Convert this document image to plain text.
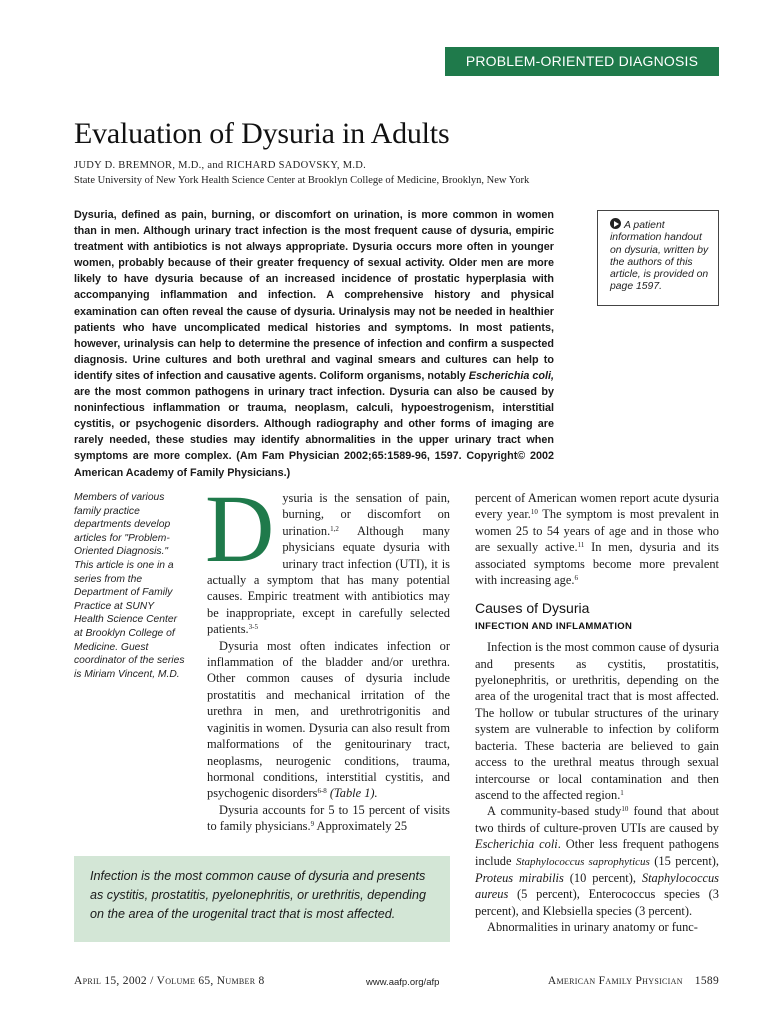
PROBLEM-ORIENTED DIAGNOSIS
Evaluation of Dysuria in Adults
JUDY D. BREMNOR, M.D., and RICHARD SADOVSKY, M.D.
State University of New York Health Science Center at Brooklyn College of Medicine, Brooklyn, New York
Dysuria, defined as pain, burning, or discomfort on urination, is more common in women than in men. Although urinary tract infection is the most frequent cause of dysuria, empiric treatment with antibiotics is not always appropriate. Dysuria occurs more often in younger women, probably because of their greater frequency of sexual activity. Older men are more likely to have dysuria because of an increased incidence of prostatic hyperplasia with accompanying inflammation and infection. A comprehensive history and physical examination can often reveal the cause of dysuria. Urinalysis may not be needed in healthier patients who have uncomplicated medical histories and symptoms. In most patients, however, urinalysis can help to determine the presence of infection and confirm a suspected diagnosis. Urine cultures and both urethral and vaginal smears and cultures can help to identify sites of infection and causative agents. Coliform organisms, notably Escherichia coli, are the most common pathogens in urinary tract infection. Dysuria can also be caused by noninfectious inflammation or trauma, neoplasm, calculi, hypoestrogenism, interstitial cystitis, or psychogenic disorders. Although radiography and other forms of imaging are rarely needed, these studies may identify abnormalities in the upper urinary tract when symptoms are more complex. (Am Fam Physician 2002;65:1589-96, 1597. Copyright© 2002 American Academy of Family Physicians.)
A patient information handout on dysuria, written by the authors of this article, is provided on page 1597.
Members of various family practice departments develop articles for "Problem-Oriented Diagnosis." This article is one in a series from the Department of Family Practice at SUNY Health Science Center at Brooklyn College of Medicine. Guest coordinator of the series is Miriam Vincent, M.D.

Dysuria is the sensation of pain, burning, or discomfort on urination.$^{1,2}$ Although many physicians equate dysuria with urinary tract infection (UTI), it is actually a symptom that has many potential causes. Empiric treatment with antibiotics may be inappropriate, except in carefully selected patients.$^{3-5}$

Dysuria most often indicates infection or inflammation of the bladder and/or urethra. Other common causes of dysuria include prostatitis and mechanical irritation of the urethra in men, and urethrotrigonitis and vaginitis in women. Dysuria can also result from malformations of the genitourinary tract, neoplasms, neurogenic conditions, trauma, hormonal conditions, interstitial cystitis, and psychogenic disorders$^{6-8}$ (Table 1).

Dysuria accounts for 5 to 15 percent of visits to family physicians.$^9$ Approximately 25

percent of American women report acute dysuria every year.$^{10}$ The symptom is most prevalent in women 25 to 54 years of age and in those who are sexually active.$^{11}$ In men, dysuria and its associated symptoms become more prevalent with increasing age.$^6$

Causes of Dysuria
INFECTION AND INFLAMMATION

Infection is the most common cause of dysuria and presents as cystitis, prostatitis, pyelonephritis, or urethritis, depending on the area of the urogenital tract that is most affected. The hollow or tubular structures of the urinary system are vulnerable to infection by coliform bacteria. These bacteria are believed to gain access to the urethral meatus through sexual intercourse or local contamination and then ascend to the affected region.$^1$

A community-based study$^{10}$ found that about two thirds of culture-proven UTIs are caused by Escherichia coli. Other less frequent pathogens include Staphylococcus saprophyticus (15 percent), Proteus mirabilis (10 percent), Staphylococcus aureus (5 percent), Enterococcus species (3 percent), and Klebsiella species (3 percent).

Abnormalities in urinary anatomy or func-

Infection is the most common cause of dysuria and presents as cystitis, prostatitis, pyelonephritis, or urethritis, depending on the area of the urogenital tract that is most affected.
April 15, 2002 / Volume 65, Number 8	www.aafp.org/afp	American Family Physician 1589
